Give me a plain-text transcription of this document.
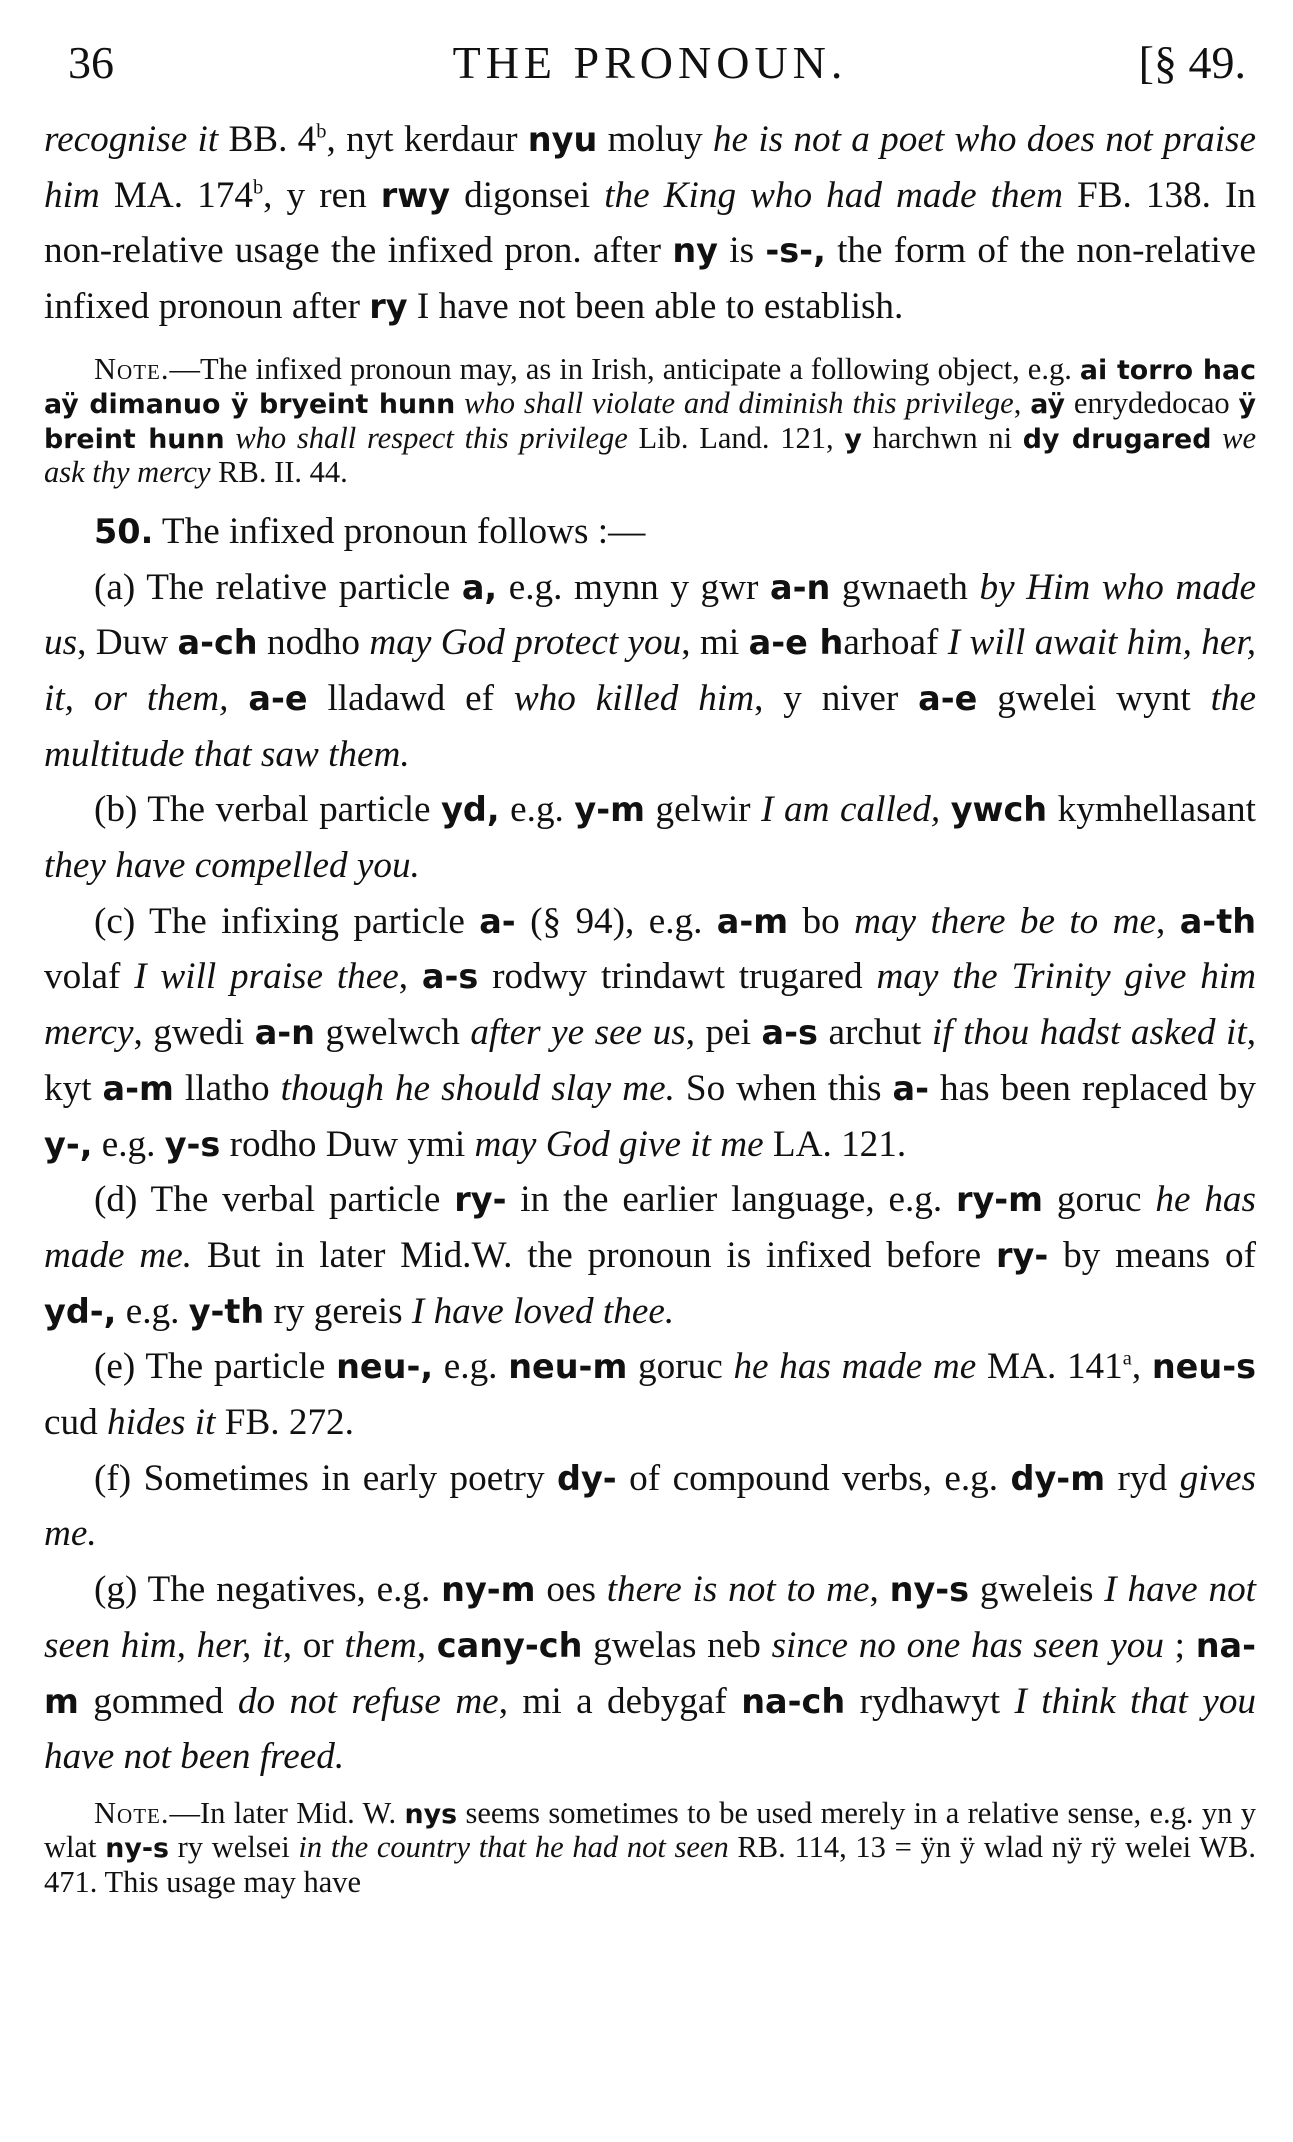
36	THE PRONOUN.	[§ 49.

recognise it BB. 4$^b$, nyt kerdaur nyu moluy he is not a poet who does not praise him MA. 174$^b$, y ren rwy digonsei the King who had made them FB. 138. In non-relative usage the infixed pron. after ny is -s-, the form of the non-relative infixed pronoun after ry I have not been able to establish.

Note.—The infixed pronoun may, as in Irish, anticipate a following object, e.g. ai torro hac aÿ dimanuo ÿ bryeint hunn who shall violate and diminish this privilege, aÿ enrydedocao ÿ breint hunn who shall respect this privilege Lib. Land. 121, y harchwn ni dy drugared we ask thy mercy RB. II. 44.

50. The infixed pronoun follows :—

(a) The relative particle a, e.g. mynn y gwr a-n gwnaeth by Him who made us, Duw a-ch nodho may God protect you, mi a-e harhoaf I will await him, her, it, or them, a-e lladawd ef who killed him, y niver a-e gwelei wynt the multitude that saw them.

(b) The verbal particle yd, e.g. y-m gelwir I am called, ywch kymhellasant they have compelled you.

(c) The infixing particle a- (§ 94), e.g. a-m bo may there be to me, a-th volaf I will praise thee, a-s rodwy trindawt trugared may the Trinity give him mercy, gwedi a-n gwelwch after ye see us, pei a-s archut if thou hadst asked it, kyt a-m llatho though he should slay me. So when this a- has been replaced by y-, e.g. y-s rodho Duw ymi may God give it me LA. 121.

(d) The verbal particle ry- in the earlier language, e.g. ry-m goruc he has made me. But in later Mid.W. the pronoun is infixed before ry- by means of yd-, e.g. y-th ry gereis I have loved thee.

(e) The particle neu-, e.g. neu-m goruc he has made me MA. 141$^a$, neu-s cud hides it FB. 272.

(f) Sometimes in early poetry dy- of compound verbs, e.g. dy-m ryd gives me.

(g) The negatives, e.g. ny-m oes there is not to me, ny-s gweleis I have not seen him, her, it, or them, cany-ch gwelas neb since no one has seen you ; na-m gommed do not refuse me, mi a debygaf na-ch rydhawyt I think that you have not been freed.

Note.—In later Mid. W. nys seems sometimes to be used merely in a relative sense, e.g. yn y wlat ny-s ry welsei in the country that he had not seen RB. 114, 13 = ÿn ÿ wlad nÿ rÿ welei WB. 471. This usage may have
